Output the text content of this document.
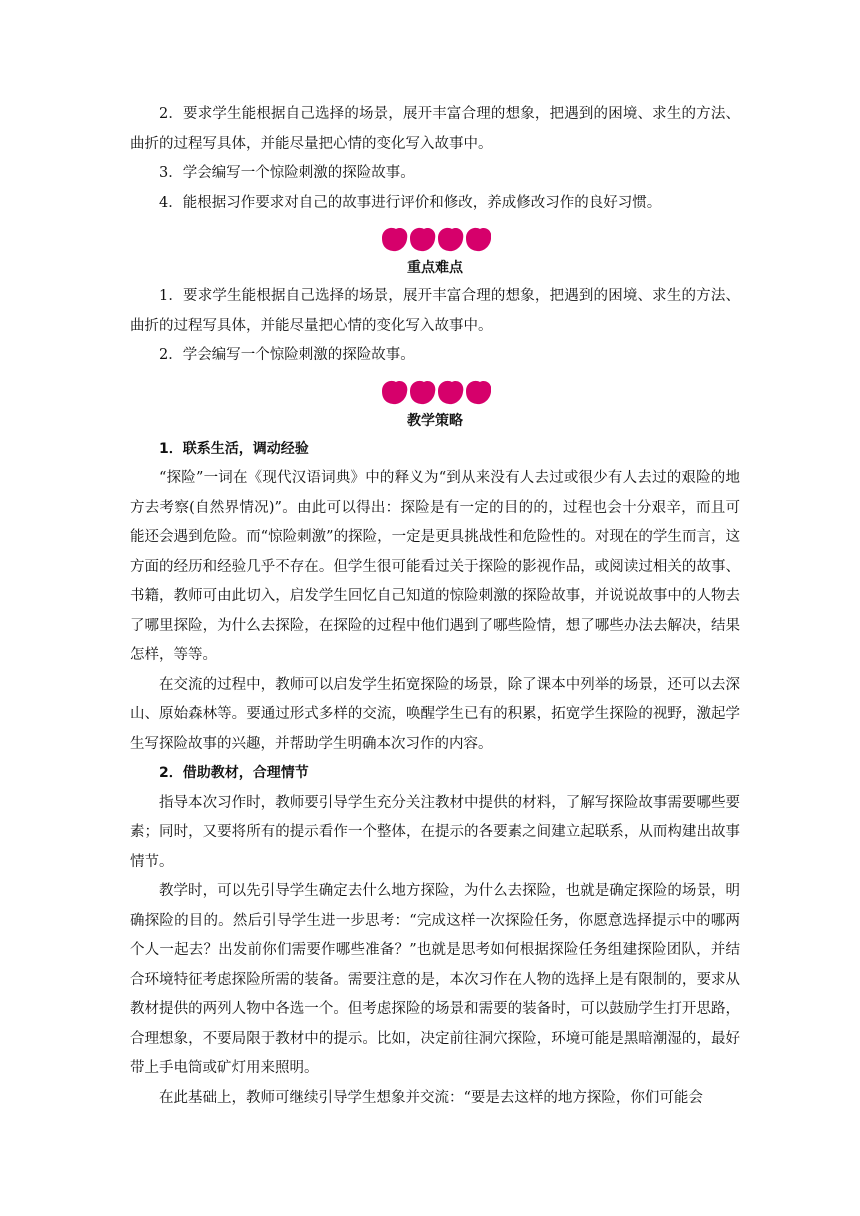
2．要求学生能根据自己选择的场景，展开丰富合理的想象，把遇到的困境、求生的方法、曲折的过程写具体，并能尽量把心情的变化写入故事中。

3．学会编写一个惊险刺激的探险故事。

4．能根据习作要求对自己的故事进行评价和修改，养成修改习作的良好习惯。

重点难点

1．要求学生能根据自己选择的场景，展开丰富合理的想象，把遇到的困境、求生的方法、曲折的过程写具体，并能尽量把心情的变化写入故事中。

2．学会编写一个惊险刺激的探险故事。

教学策略

1．联系生活，调动经验

“探险”一词在《现代汉语词典》中的释义为“到从来没有人去过或很少有人去过的艰险的地方去考察(自然界情况)”。由此可以得出：探险是有一定的目的的，过程也会十分艰辛，而且可能还会遇到危险。而“惊险刺激”的探险，一定是更具挑战性和危险性的。对现在的学生而言，这方面的经历和经验几乎不存在。但学生很可能看过关于探险的影视作品，或阅读过相关的故事、书籍，教师可由此切入，启发学生回忆自己知道的惊险刺激的探险故事，并说说故事中的人物去了哪里探险，为什么去探险，在探险的过程中他们遇到了哪些险情，想了哪些办法去解决，结果怎样，等等。

在交流的过程中，教师可以启发学生拓宽探险的场景，除了课本中列举的场景，还可以去深山、原始森林等。要通过形式多样的交流，唤醒学生已有的积累，拓宽学生探险的视野，激起学生写探险故事的兴趣，并帮助学生明确本次习作的内容。

2．借助教材，合理情节

指导本次习作时，教师要引导学生充分关注教材中提供的材料，了解写探险故事需要哪些要素；同时，又要将所有的提示看作一个整体，在提示的各要素之间建立起联系，从而构建出故事情节。

教学时，可以先引导学生确定去什么地方探险，为什么去探险，也就是确定探险的场景，明确探险的目的。然后引导学生进一步思考：“完成这样一次探险任务，你愿意选择提示中的哪两个人一起去？出发前你们需要作哪些准备？”也就是思考如何根据探险任务组建探险团队，并结合环境特征考虑探险所需的装备。需要注意的是，本次习作在人物的选择上是有限制的，要求从教材提供的两列人物中各选一个。但考虑探险的场景和需要的装备时，可以鼓励学生打开思路，合理想象，不要局限于教材中的提示。比如，决定前往洞穴探险，环境可能是黑暗潮湿的，最好带上手电筒或矿灯用来照明。

在此基础上，教师可继续引导学生想象并交流：“要是去这样的地方探险，你们可能会
